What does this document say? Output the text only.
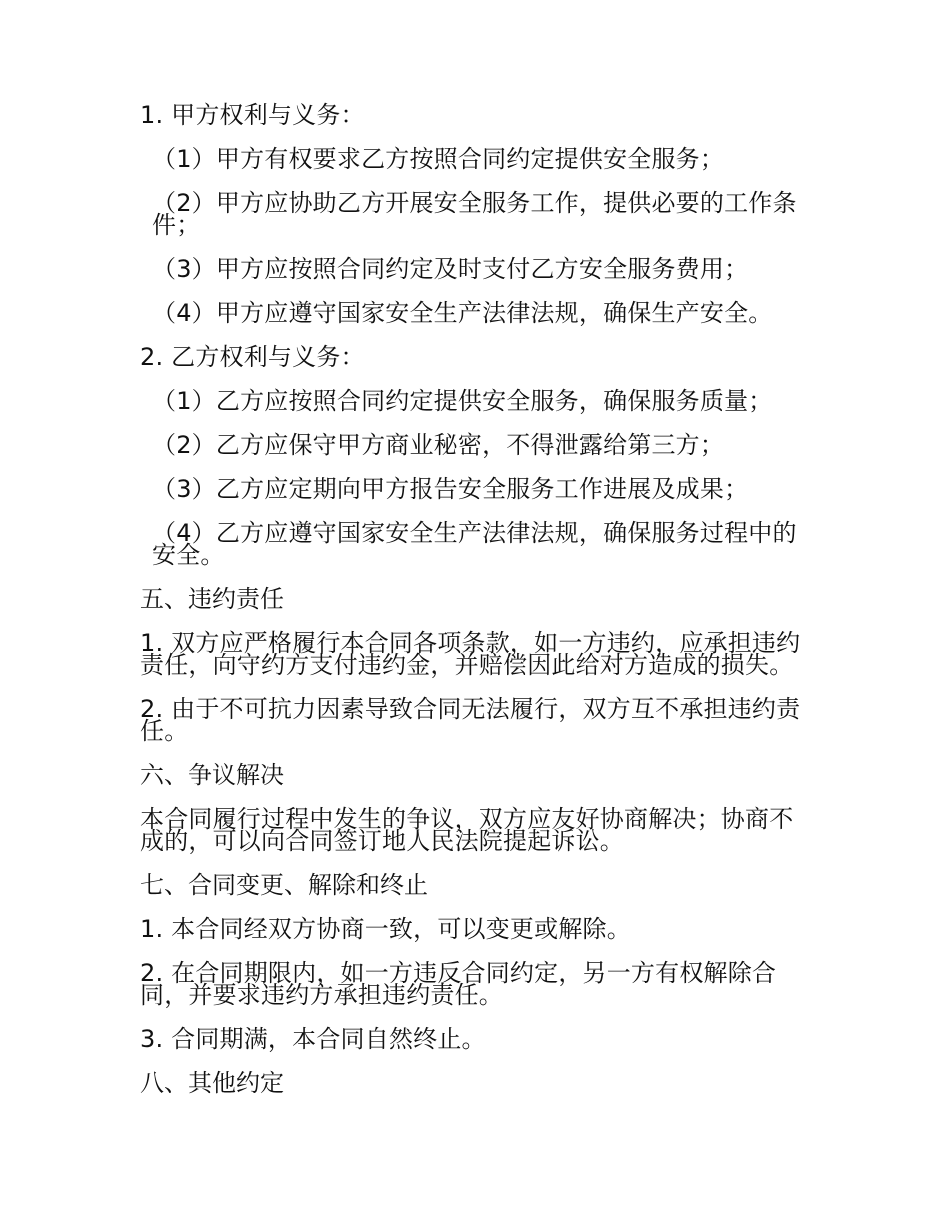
1. 甲方权利与义务：

（1）甲方有权要求乙方按照合同约定提供安全服务；

（2）甲方应协助乙方开展安全服务工作，提供必要的工作条件；

（3）甲方应按照合同约定及时支付乙方安全服务费用；

（4）甲方应遵守国家安全生产法律法规，确保生产安全。

2. 乙方权利与义务：

（1）乙方应按照合同约定提供安全服务，确保服务质量；

（2）乙方应保守甲方商业秘密，不得泄露给第三方；

（3）乙方应定期向甲方报告安全服务工作进展及成果；

（4）乙方应遵守国家安全生产法律法规，确保服务过程中的安全。

五、违约责任

1. 双方应严格履行本合同各项条款，如一方违约，应承担违约责任，向守约方支付违约金，并赔偿因此给对方造成的损失。

2. 由于不可抗力因素导致合同无法履行，双方互不承担违约责任。

六、争议解决

本合同履行过程中发生的争议，双方应友好协商解决；协商不成的，可以向合同签订地人民法院提起诉讼。

七、合同变更、解除和终止

1. 本合同经双方协商一致，可以变更或解除。

2. 在合同期限内，如一方违反合同约定，另一方有权解除合同，并要求违约方承担违约责任。

3. 合同期满，本合同自然终止。

八、其他约定
